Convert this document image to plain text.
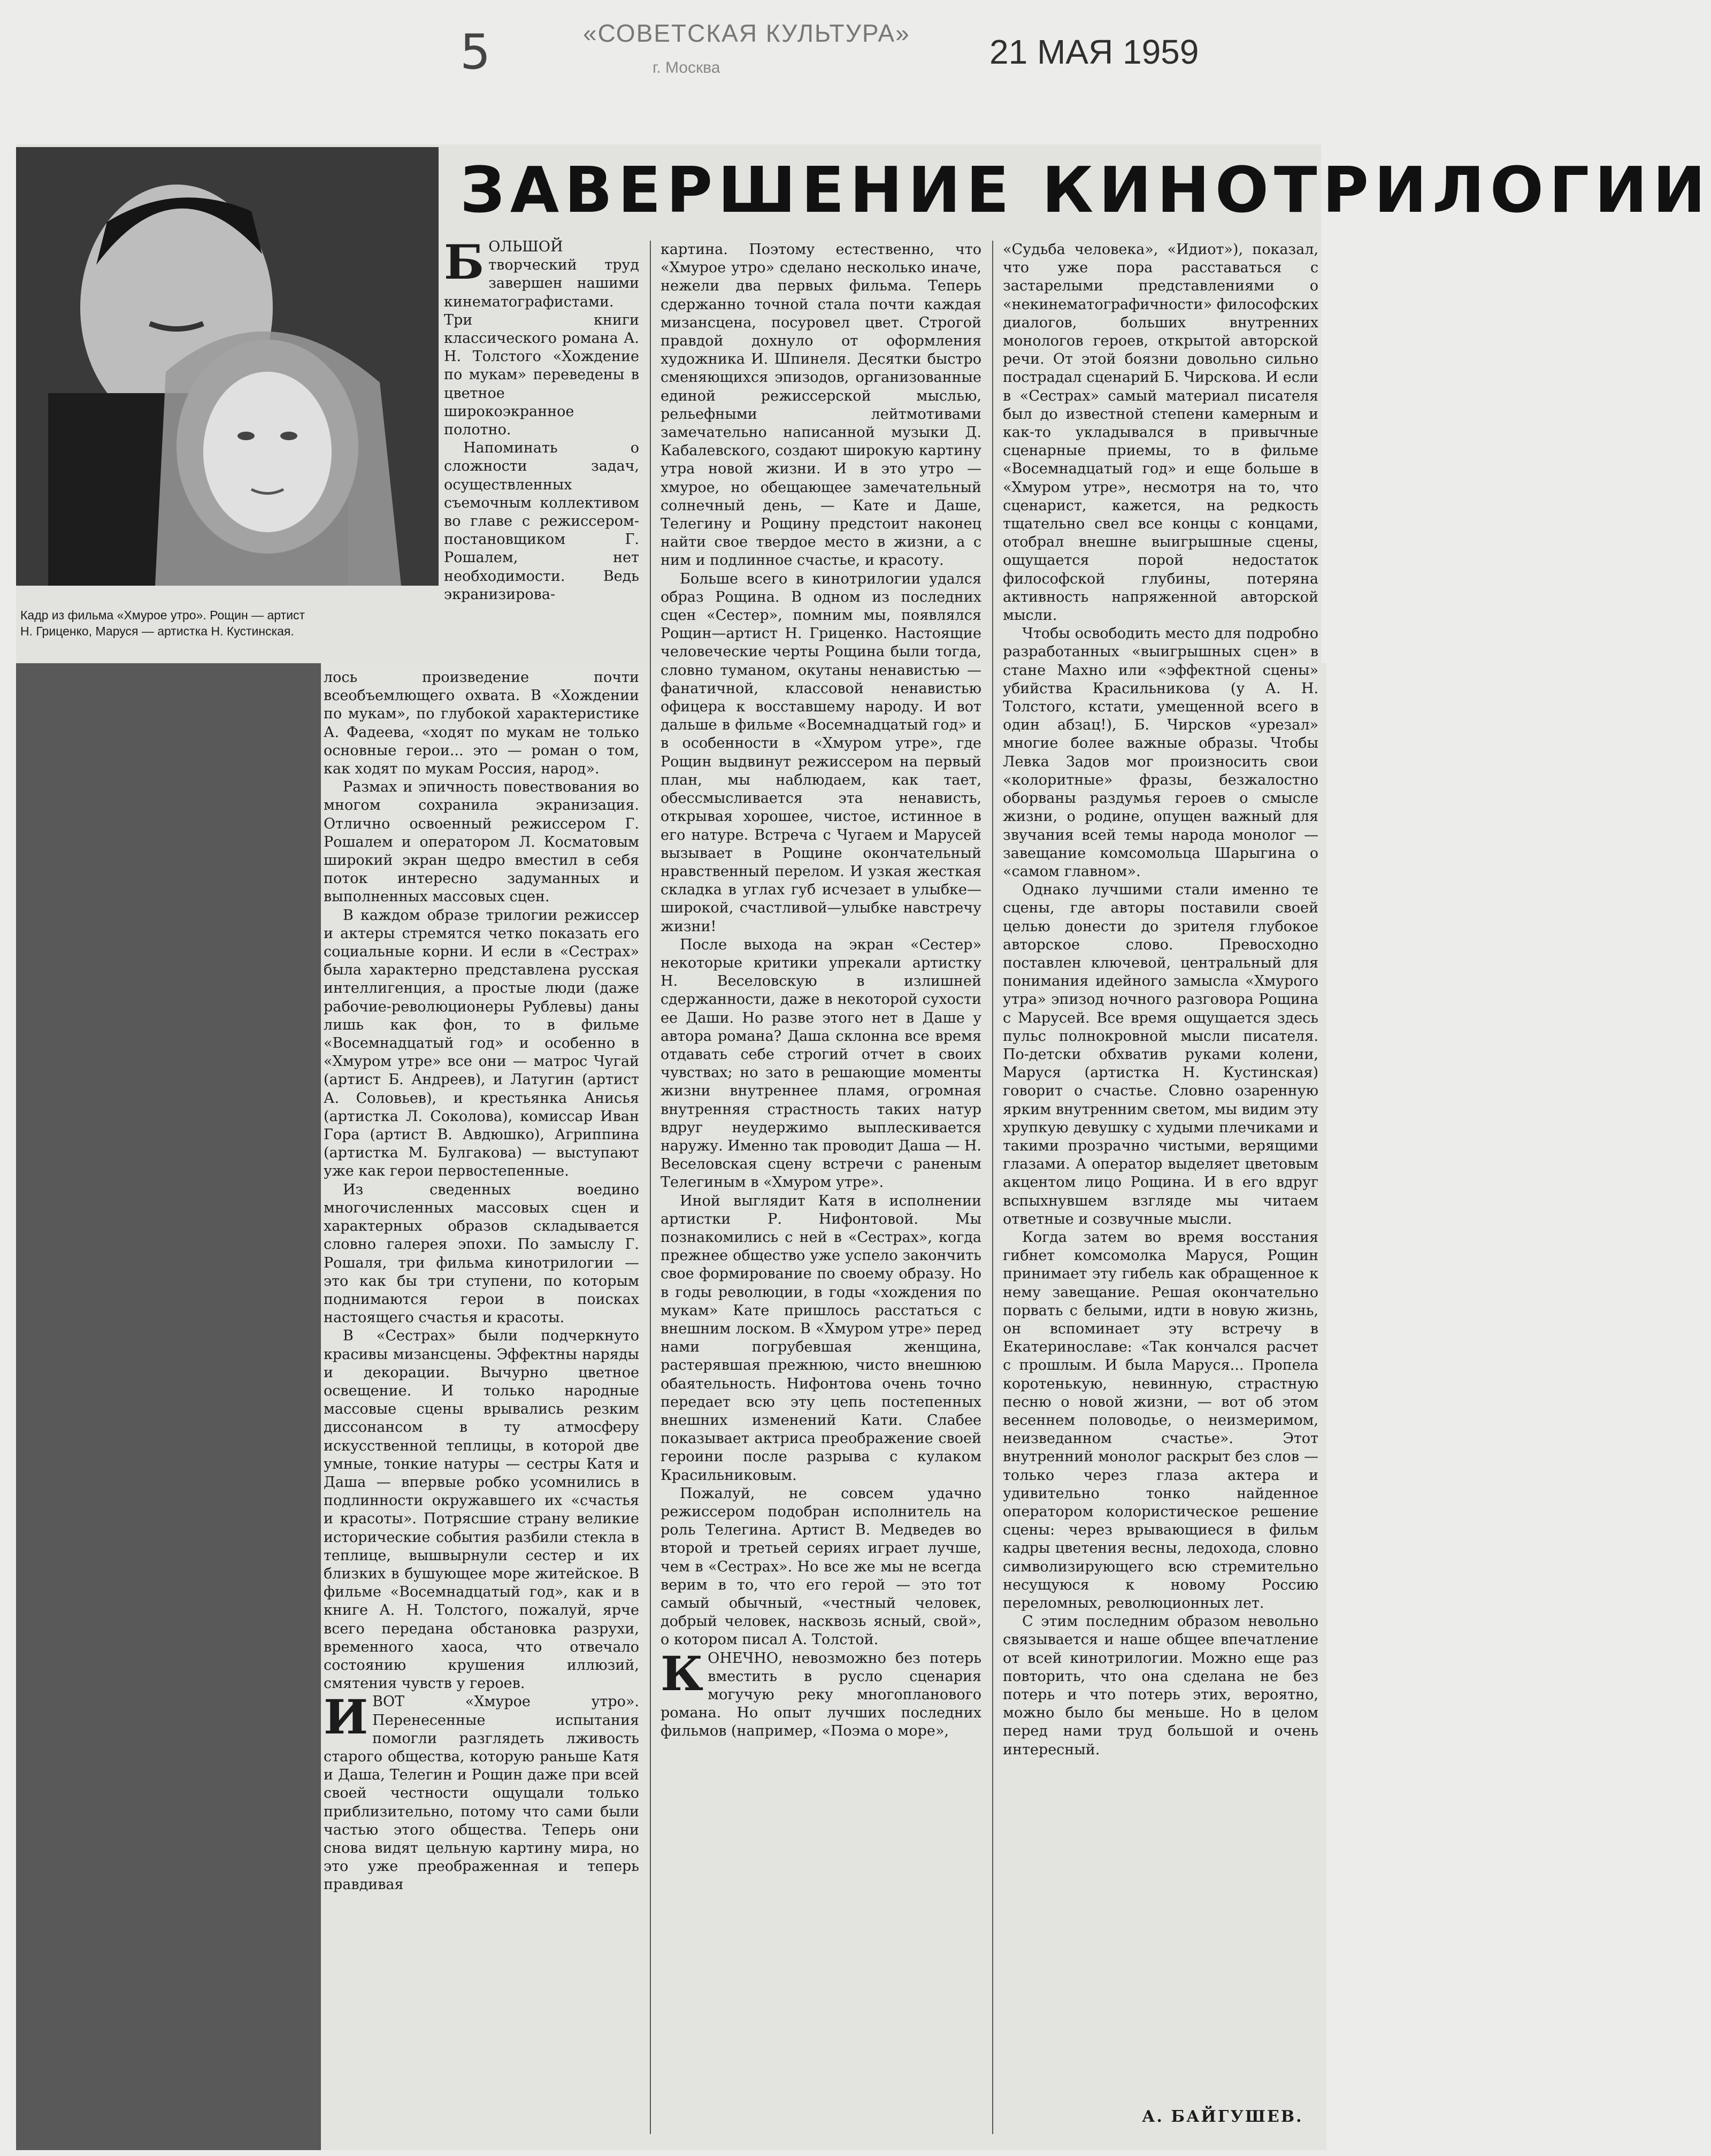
5	«СОВЕТСКАЯ КУЛЬТУРА»
г. Москва	21 МАЯ 1959
Кадр из фильма «Хмурое утро». Рощин — артист Н. Гриценко, Маруся — артистка Н. Кустинская.
ЗАВЕРШЕНИЕ КИНОТРИЛОГИИ

БОЛЬШОЙ творческий труд завершен нашими кинематографистами. Три книги классического романа А. Н. Толстого «Хождение по мукам» переведены в цветное широкоэкранное полотно.

Напоминать о сложности задач, осуществленных съемочным коллективом во главе с режиссером-постановщиком Г. Рошалем, нет необходимости. Ведь экранизирова-

лось произведение почти всеобъемлющего охвата. В «Хождении по мукам», по глубокой характеристике А. Фадеева, «ходят по мукам не только основные герои... это — роман о том, как ходят по мукам Россия, народ».

Размах и эпичность повествования во многом сохранила экранизация. Отлично освоенный режиссером Г. Рошалем и оператором Л. Косматовым широкий экран щедро вместил в себя поток интересно задуманных и выполненных массовых сцен.

В каждом образе трилогии режиссер и актеры стремятся четко показать его социальные корни. И если в «Сестрах» была характерно представлена русская интеллигенция, а простые люди (даже рабочие-революционеры Рублевы) даны лишь как фон, то в фильме «Восемнадцатый год» и особенно в «Хмуром утре» все они — матрос Чугай (артист Б. Андреев), и Латугин (артист А. Соловьев), и крестьянка Анисья (артистка Л. Соколова), комиссар Иван Гора (артист В. Авдюшко), Агриппина (артистка М. Булгакова) — выступают уже как герои первостепенные.

Из сведенных воедино многочисленных массовых сцен и характерных образов складывается словно галерея эпохи. По замыслу Г. Рошаля, три фильма кинотрилогии — это как бы три ступени, по которым поднимаются герои в поисках настоящего счастья и красоты.

В «Сестрах» были подчеркнуто красивы мизансцены. Эффектны наряды и декорации. Вычурно цветное освещение. И только народные массовые сцены врывались резким диссонансом в ту атмосферу искусственной теплицы, в которой две умные, тонкие натуры — сестры Катя и Даша — впервые робко усомнились в подлинности окружавшего их «счастья и красоты». Потрясшие страну великие исторические события разбили стекла в теплице, вышвырнули сестер и их близких в бушующее море житейское. В фильме «Восемнадцатый год», как и в книге А. Н. Толстого, пожалуй, ярче всего передана обстановка разрухи, временного хаоса, что отвечало состоянию крушения иллюзий, смятения чувств у героев.

ИВОТ «Хмурое утро». Перенесенные испытания помогли разглядеть лживость старого общества, которую раньше Катя и Даша, Телегин и Рощин даже при всей своей честности ощущали только приблизительно, потому что сами были частью этого общества. Теперь они снова видят цельную картину мира, но это уже преображенная и теперь правдивая

картина. Поэтому естественно, что «Хмурое утро» сделано несколько иначе, нежели два первых фильма. Теперь сдержанно точной стала почти каждая мизансцена, посуровел цвет. Строгой правдой дохнуло от оформления художника И. Шпинеля. Десятки быстро сменяющихся эпизодов, организованные единой режиссерской мыслью, рельефными лейтмотивами замечательно написанной музыки Д. Кабалевского, создают широкую картину утра новой жизни. И в это утро — хмурое, но обещающее замечательный солнечный день, — Кате и Даше, Телегину и Рощину предстоит наконец найти свое твердое место в жизни, а с ним и подлинное счастье, и красоту.

Больше всего в кинотрилогии удался образ Рощина. В одном из последних сцен «Сестер», помним мы, появлялся Рощин—артист Н. Гриценко. Настоящие человеческие черты Рощина были тогда, словно туманом, окутаны ненавистью — фанатичной, классовой ненавистью офицера к восставшему народу. И вот дальше в фильме «Восемнадцатый год» и в особенности в «Хмуром утре», где Рощин выдвинут режиссером на первый план, мы наблюдаем, как тает, обессмысливается эта ненависть, открывая хорошее, чистое, истинное в его натуре. Встреча с Чугаем и Марусей вызывает в Рощине окончательный нравственный перелом. И узкая жесткая складка в углах губ исчезает в улыбке—широкой, счастливой—улыбке навстречу жизни!

После выхода на экран «Сестер» некоторые критики упрекали артистку Н. Веселовскую в излишней сдержанности, даже в некоторой сухости ее Даши. Но разве этого нет в Даше у автора романа? Даша склонна все время отдавать себе строгий отчет в своих чувствах; но зато в решающие моменты жизни внутреннее пламя, огромная внутренняя страстность таких натур вдруг неудержимо выплескивается наружу. Именно так проводит Даша — Н. Веселовская сцену встречи с раненым Телегиным в «Хмуром утре».

Иной выглядит Катя в исполнении артистки Р. Нифонтовой. Мы познакомились с ней в «Сестрах», когда прежнее общество уже успело закончить свое формирование по своему образу. Но в годы революции, в годы «хождения по мукам» Кате пришлось расстаться с внешним лоском. В «Хмуром утре» перед нами погрубевшая женщина, растерявшая прежнюю, чисто внешнюю обаятельность. Нифонтова очень точно передает всю эту цепь постепенных внешних изменений Кати. Слабее показывает актриса преображение своей героини после разрыва с кулаком Красильниковым.

Пожалуй, не совсем удачно режиссером подобран исполнитель на роль Телегина. Артист В. Медведев во второй и третьей сериях играет лучше, чем в «Сестрах». Но все же мы не всегда верим в то, что его герой — это тот самый обычный, «честный человек, добрый человек, насквозь ясный, свой», о котором писал А. Толстой.

КОНЕЧНО, невозможно без потерь вместить в русло сценария могучую реку многопланового романа. Но опыт лучших последних фильмов (например, «Поэма о море»,

«Судьба человека», «Идиот»), показал, что уже пора расставаться с застарелыми представлениями о «некинематографичности» философских диалогов, больших внутренних монологов героев, открытой авторской речи. От этой боязни довольно сильно пострадал сценарий Б. Чирскова. И если в «Сестрах» самый материал писателя был до известной степени камерным и как-то укладывался в привычные сценарные приемы, то в фильме «Восемнадцатый год» и еще больше в «Хмуром утре», несмотря на то, что сценарист, кажется, на редкость тщательно свел все концы с концами, отобрал внешне выигрышные сцены, ощущается порой недостаток философской глубины, потеряна активность напряженной авторской мысли.

Чтобы освободить место для подробно разработанных «выигрышных сцен» в стане Махно или «эффектной сцены» убийства Красильникова (у А. Н. Толстого, кстати, умещенной всего в один абзац!), Б. Чирсков «урезал» многие более важные образы. Чтобы Левка Задов мог произносить свои «колоритные» фразы, безжалостно оборваны раздумья героев о смысле жизни, о родине, опущен важный для звучания всей темы народа монолог — завещание комсомольца Шарыгина о «самом главном».

Однако лучшими стали именно те сцены, где авторы поставили своей целью донести до зрителя глубокое авторское слово. Превосходно поставлен ключевой, центральный для понимания идейного замысла «Хмурого утра» эпизод ночного разговора Рощина с Марусей. Все время ощущается здесь пульс полнокровной мысли писателя. По-детски обхватив руками колени, Маруся (артистка Н. Кустинская) говорит о счастье. Словно озаренную ярким внутренним светом, мы видим эту хрупкую девушку с худыми плечиками и такими прозрачно чистыми, верящими глазами. А оператор выделяет цветовым акцентом лицо Рощина. И в его вдруг вспыхнувшем взгляде мы читаем ответные и созвучные мысли.

Когда затем во время восстания гибнет комсомолка Маруся, Рощин принимает эту гибель как обращенное к нему завещание. Решая окончательно порвать с белыми, идти в новую жизнь, он вспоминает эту встречу в Екатеринославе: «Так кончался расчет с прошлым. И была Маруся... Пропела коротенькую, невинную, страстную песню о новой жизни, — вот об этом весеннем половодье, о неизмеримом, неизведанном счастье». Этот внутренний монолог раскрыт без слов — только через глаза актера и удивительно тонко найденное оператором колористическое решение сцены: через врывающиеся в фильм кадры цветения весны, ледохода, словно символизирующего всю стремительно несущуюся к новому Россию переломных, революционных лет.

С этим последним образом невольно связывается и наше общее впечатление от всей кинотрилогии. Можно еще раз повторить, что она сделана не без потерь и что потерь этих, вероятно, можно было бы меньше. Но в целом перед нами труд большой и очень интересный.

А. БАЙГУШЕВ.
